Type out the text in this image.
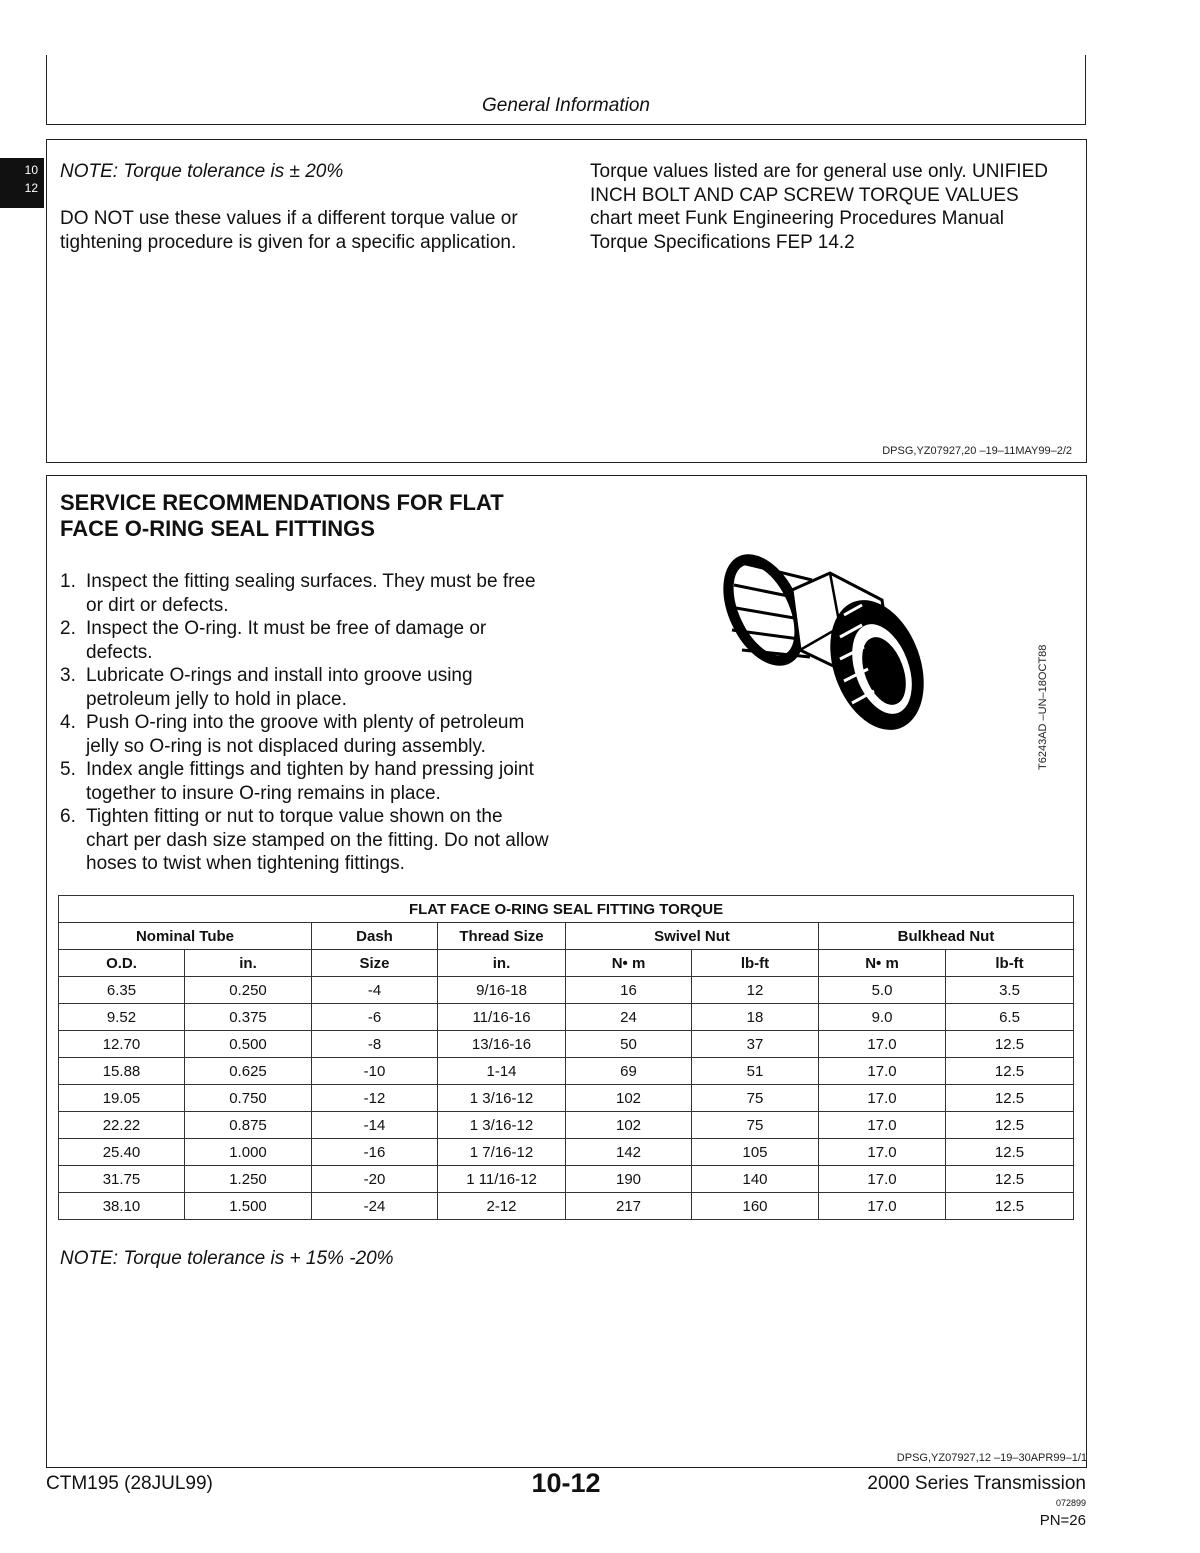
General Information
10
12
NOTE: Torque tolerance is ± 20%
DO NOT use these values if a different torque value or
tightening procedure is given for a specific application.
Torque values listed are for general use only. UNIFIED
INCH BOLT AND CAP SCREW TORQUE VALUES
chart meet Funk Engineering Procedures Manual
Torque Specifications FEP 14.2
DPSG,YZ07927,20 –19–11MAY99–2/2
SERVICE RECOMMENDATIONS FOR FLAT
FACE O-RING SEAL FITTINGS
1. Inspect the fitting sealing surfaces. They must be free
or dirt or defects.
2. Inspect the O-ring. It must be free of damage or
defects.
3. Lubricate O-rings and install into groove using
petroleum jelly to hold in place.
4. Push O-ring into the groove with plenty of petroleum
jelly so O-ring is not displaced during assembly.
5. Index angle fittings and tighten by hand pressing joint
together to insure O-ring remains in place.
6. Tighten fitting or nut to torque value shown on the
chart per dash size stamped on the fitting. Do not allow
hoses to twist when tightening fittings.
T6243AD –UN–18OCT88
FLAT FACE O-RING SEAL FITTING TORQUE							
Nominal Tube		Dash	Thread Size	Swivel Nut		Bulkhead Nut	
O.D.	in.	Size	in.	N• m	lb-ft	N• m	lb-ft
6.35	0.250	-4	9/16-18	16	12	5.0	3.5
9.52	0.375	-6	11/16-16	24	18	9.0	6.5
12.70	0.500	-8	13/16-16	50	37	17.0	12.5
15.88	0.625	-10	1-14	69	51	17.0	12.5
19.05	0.750	-12	1 3/16-12	102	75	17.0	12.5
22.22	0.875	-14	1 3/16-12	102	75	17.0	12.5
25.40	1.000	-16	1 7/16-12	142	105	17.0	12.5
31.75	1.250	-20	1 11/16-12	190	140	17.0	12.5
38.10	1.500	-24	2-12	217	160	17.0	12.5
NOTE: Torque tolerance is + 15% -20%
DPSG,YZ07927,12 –19–30APR99–1/1
CTM195 (28JUL99)	10-12	2000 Series Transmission
072899
PN=26
